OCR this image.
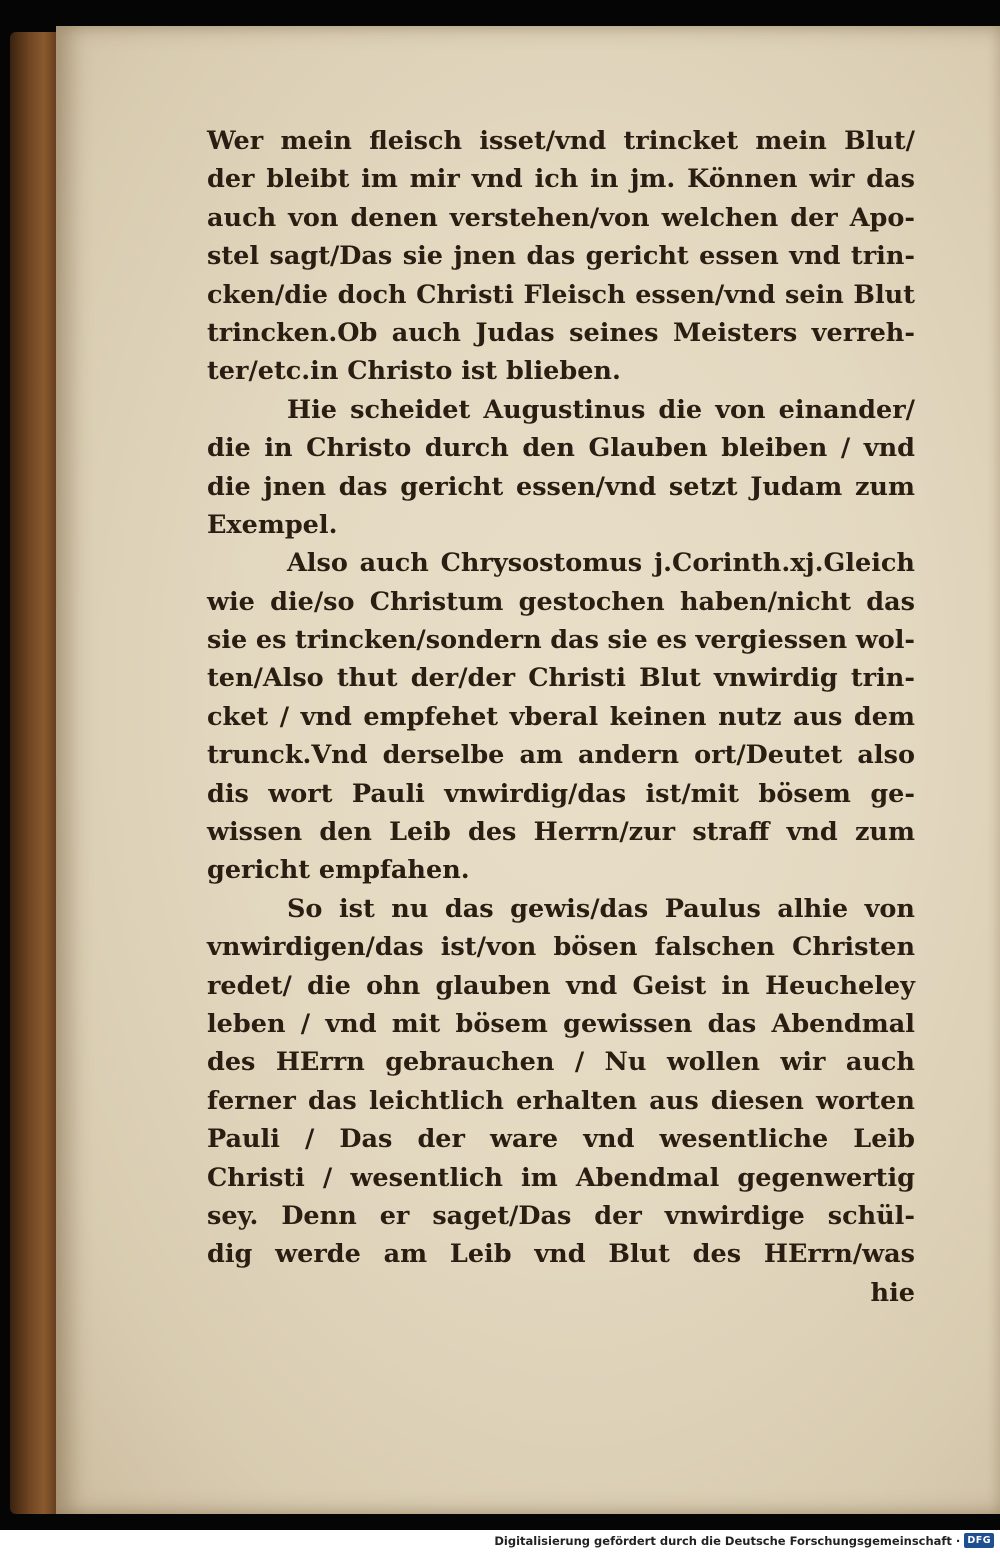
Wer mein fleisch isset/vnd trincket mein Blut/
der bleibt im mir vnd ich in jm. Können wir das
auch von denen verstehen/von welchen der Apo-
stel sagt/Das sie jnen das gericht essen vnd trin-
cken/die doch Christi Fleisch essen/vnd sein Blut
trincken.Ob auch Judas seines Meisters verreh-
ter/etc.in Christo ist blieben.
Hie scheidet Augustinus die von einander/
die in Christo durch den Glauben bleiben / vnd
die jnen das gericht essen/vnd setzt Judam zum
Exempel.
Also auch Chrysostomus j.Corinth.xj.Gleich
wie die/so Christum gestochen haben/nicht das
sie es trincken/sondern das sie es vergiessen wol-
ten/Also thut der/der Christi Blut vnwirdig trin-
cket / vnd empfehet vberal keinen nutz aus dem
trunck.Vnd derselbe am andern ort/Deutet also
dis wort Pauli vnwirdig/das ist/mit bösem ge-
wissen den Leib des Herrn/zur straff vnd zum
gericht empfahen.
So ist nu das gewis/das Paulus alhie von
vnwirdigen/das ist/von bösen falschen Christen
redet/ die ohn glauben vnd Geist in Heucheley
leben / vnd mit bösem gewissen das Abendmal
des HErrn gebrauchen / Nu wollen wir auch
ferner das leichtlich erhalten aus diesen worten
Pauli / Das der ware vnd wesentliche Leib
Christi / wesentlich im Abendmal gegenwertig
sey. Denn er saget/Das der vnwirdige schül-
dig werde am Leib vnd Blut des HErrn/was
hie
Digitalisierung gefördert durch die Deutsche Forschungsgemeinschaft · DFG
